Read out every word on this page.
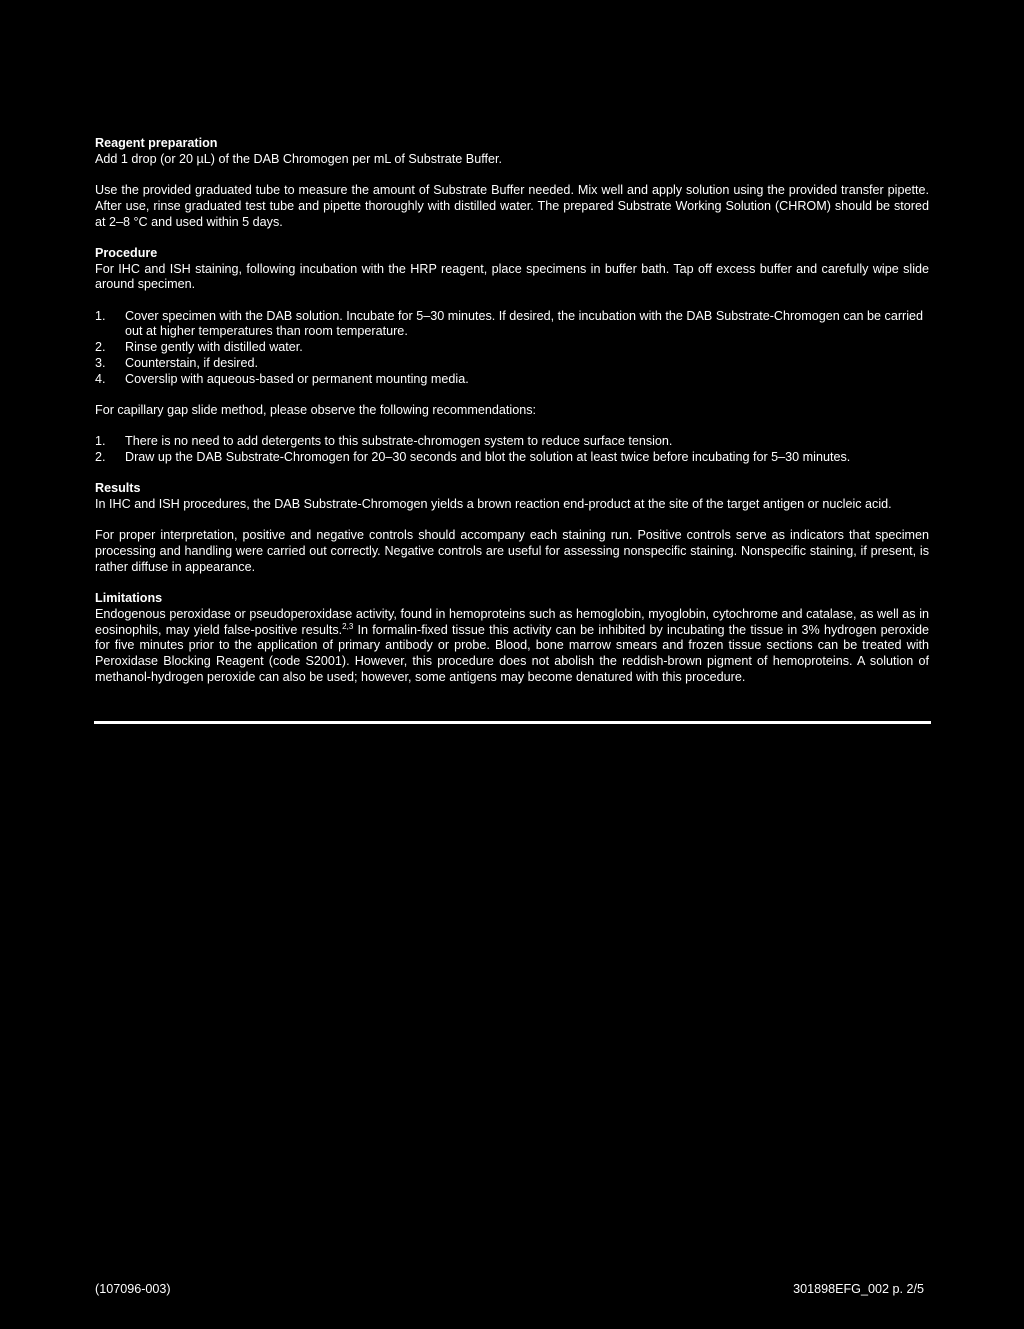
Reagent preparation

Add 1 drop (or 20 µL) of the DAB Chromogen per mL of Substrate Buffer.

Use the provided graduated tube to measure the amount of Substrate Buffer needed. Mix well and apply solution using the provided transfer pipette. After use, rinse graduated test tube and pipette thoroughly with distilled water. The prepared Substrate Working Solution (CHROM) should be stored at 2–8 °C and used within 5 days.

Procedure

For IHC and ISH staining, following incubation with the HRP reagent, place specimens in buffer bath. Tap off excess buffer and carefully wipe slide around specimen.

1. Cover specimen with the DAB solution. Incubate for 5–30 minutes. If desired, the incubation with the DAB Substrate-Chromogen can be carried out at higher temperatures than room temperature.
2. Rinse gently with distilled water.
3. Counterstain, if desired.
4. Coverslip with aqueous-based or permanent mounting media.

For capillary gap slide method, please observe the following recommendations:

1. There is no need to add detergents to this substrate-chromogen system to reduce surface tension.
2. Draw up the DAB Substrate-Chromogen for 20–30 seconds and blot the solution at least twice before incubating for 5–30 minutes.

Results

In IHC and ISH procedures, the DAB Substrate-Chromogen yields a brown reaction end-product at the site of the target antigen or nucleic acid.

For proper interpretation, positive and negative controls should accompany each staining run. Positive controls serve as indicators that specimen processing and handling were carried out correctly. Negative controls are useful for assessing nonspecific staining. Nonspecific staining, if present, is rather diffuse in appearance.

Limitations

Endogenous peroxidase or pseudoperoxidase activity, found in hemoproteins such as hemoglobin, myoglobin, cytochrome and catalase, as well as in eosinophils, may yield false-positive results.$^{2,3}$ In formalin-fixed tissue this activity can be inhibited by incubating the tissue in 3% hydrogen peroxide for five minutes prior to the application of primary antibody or probe. Blood, bone marrow smears and frozen tissue sections can be treated with Peroxidase Blocking Reagent (code S2001). However, this procedure does not abolish the reddish-brown pigment of hemoproteins. A solution of methanol-hydrogen peroxide can also be used; however, some antigens may become denatured with this procedure.

(107096-003)	301898EFG_002 p. 2/5
